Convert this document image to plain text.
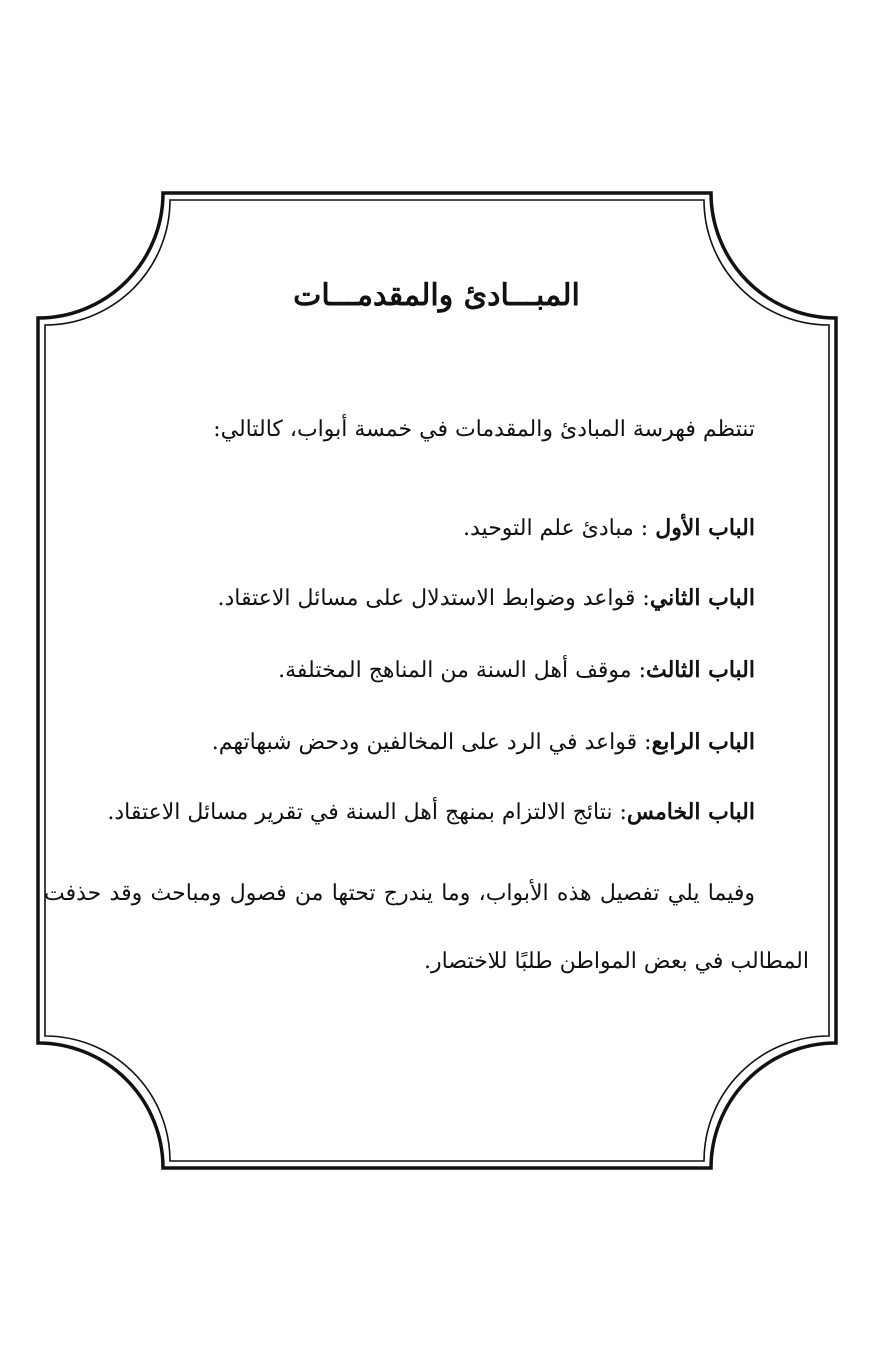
المبـــادئ والمقدمـــات
تنتظم فهرسة المبادئ والمقدمات في خمسة أبواب، كالتالي:
الباب الأول : مبادئ علم التوحيد.
الباب الثاني: قواعد وضوابط الاستدلال على مسائل الاعتقاد.
الباب الثالث: موقف أهل السنة من المناهج المختلفة.
الباب الرابع: قواعد في الرد على المخالفين ودحض شبهاتهم.
الباب الخامس: نتائج الالتزام بمنهج أهل السنة في تقرير مسائل الاعتقاد.
وفيما يلي تفصيل هذه الأبواب، وما يندرج تحتها من فصول ومباحث وقد حذفت المطالب في بعض المواطن طلبًا للاختصار.
